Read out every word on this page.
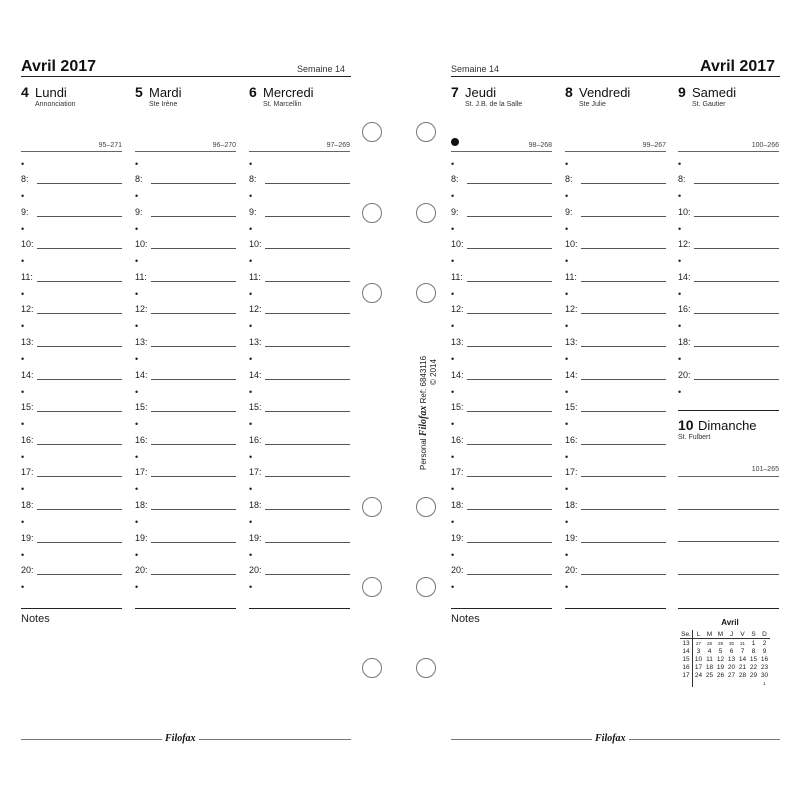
Avril 2017	Semaine 14
4 Lundi
Annonciation
95–271
•
8:
•
9:
•
10:
•
11:
•
12:
•
13:
•
14:
•
15:
•
16:
•
17:
•
18:
•
19:
•
20:
•
5 Mardi
Ste Irène
96–270
•
8:
•
9:
•
10:
•
11:
•
12:
•
13:
•
14:
•
15:
•
16:
•
17:
•
18:
•
19:
•
20:
•
6 Mercredi
St. Marcellin
97–269
•
8:
•
9:
•
10:
•
11:
•
12:
•
13:
•
14:
•
15:
•
16:
•
17:
•
18:
•
19:
•
20:
•
Notes
Filofax
Avril 2017
Semaine 14
7 Jeudi
St. J.B. de la Salle
98–268
•
8:
•
9:
•
10:
•
11:
•
12:
•
13:
•
14:
•
15:
•
16:
•
17:
•
18:
•
19:
•
20:
•
8 Vendredi
Ste Julie
99–267
•
8:
•
9:
•
10:
•
11:
•
12:
•
13:
•
14:
•
15:
•
16:
•
17:
•
18:
•
19:
•
20:
•
Notes
Filofax
9 Samedi
St. Gautier
100–266
•
8:
•
10:
•
12:
•
14:
•
16:
•
18:
•
20:
•
10 Dimanche
St. Fulbert
101–265
Personal Filofax Ref: 6843116 © 2014
Avril
Se.	L	M	M	J	V	S	D
13	27	28	29	30	31	1	2
14	3	4	5	6	7	8	9
15	10	11	12	13	14	15	16
16	17	18	19	20	21	22	23
17	24	25	26	27	28	29	30
							1
